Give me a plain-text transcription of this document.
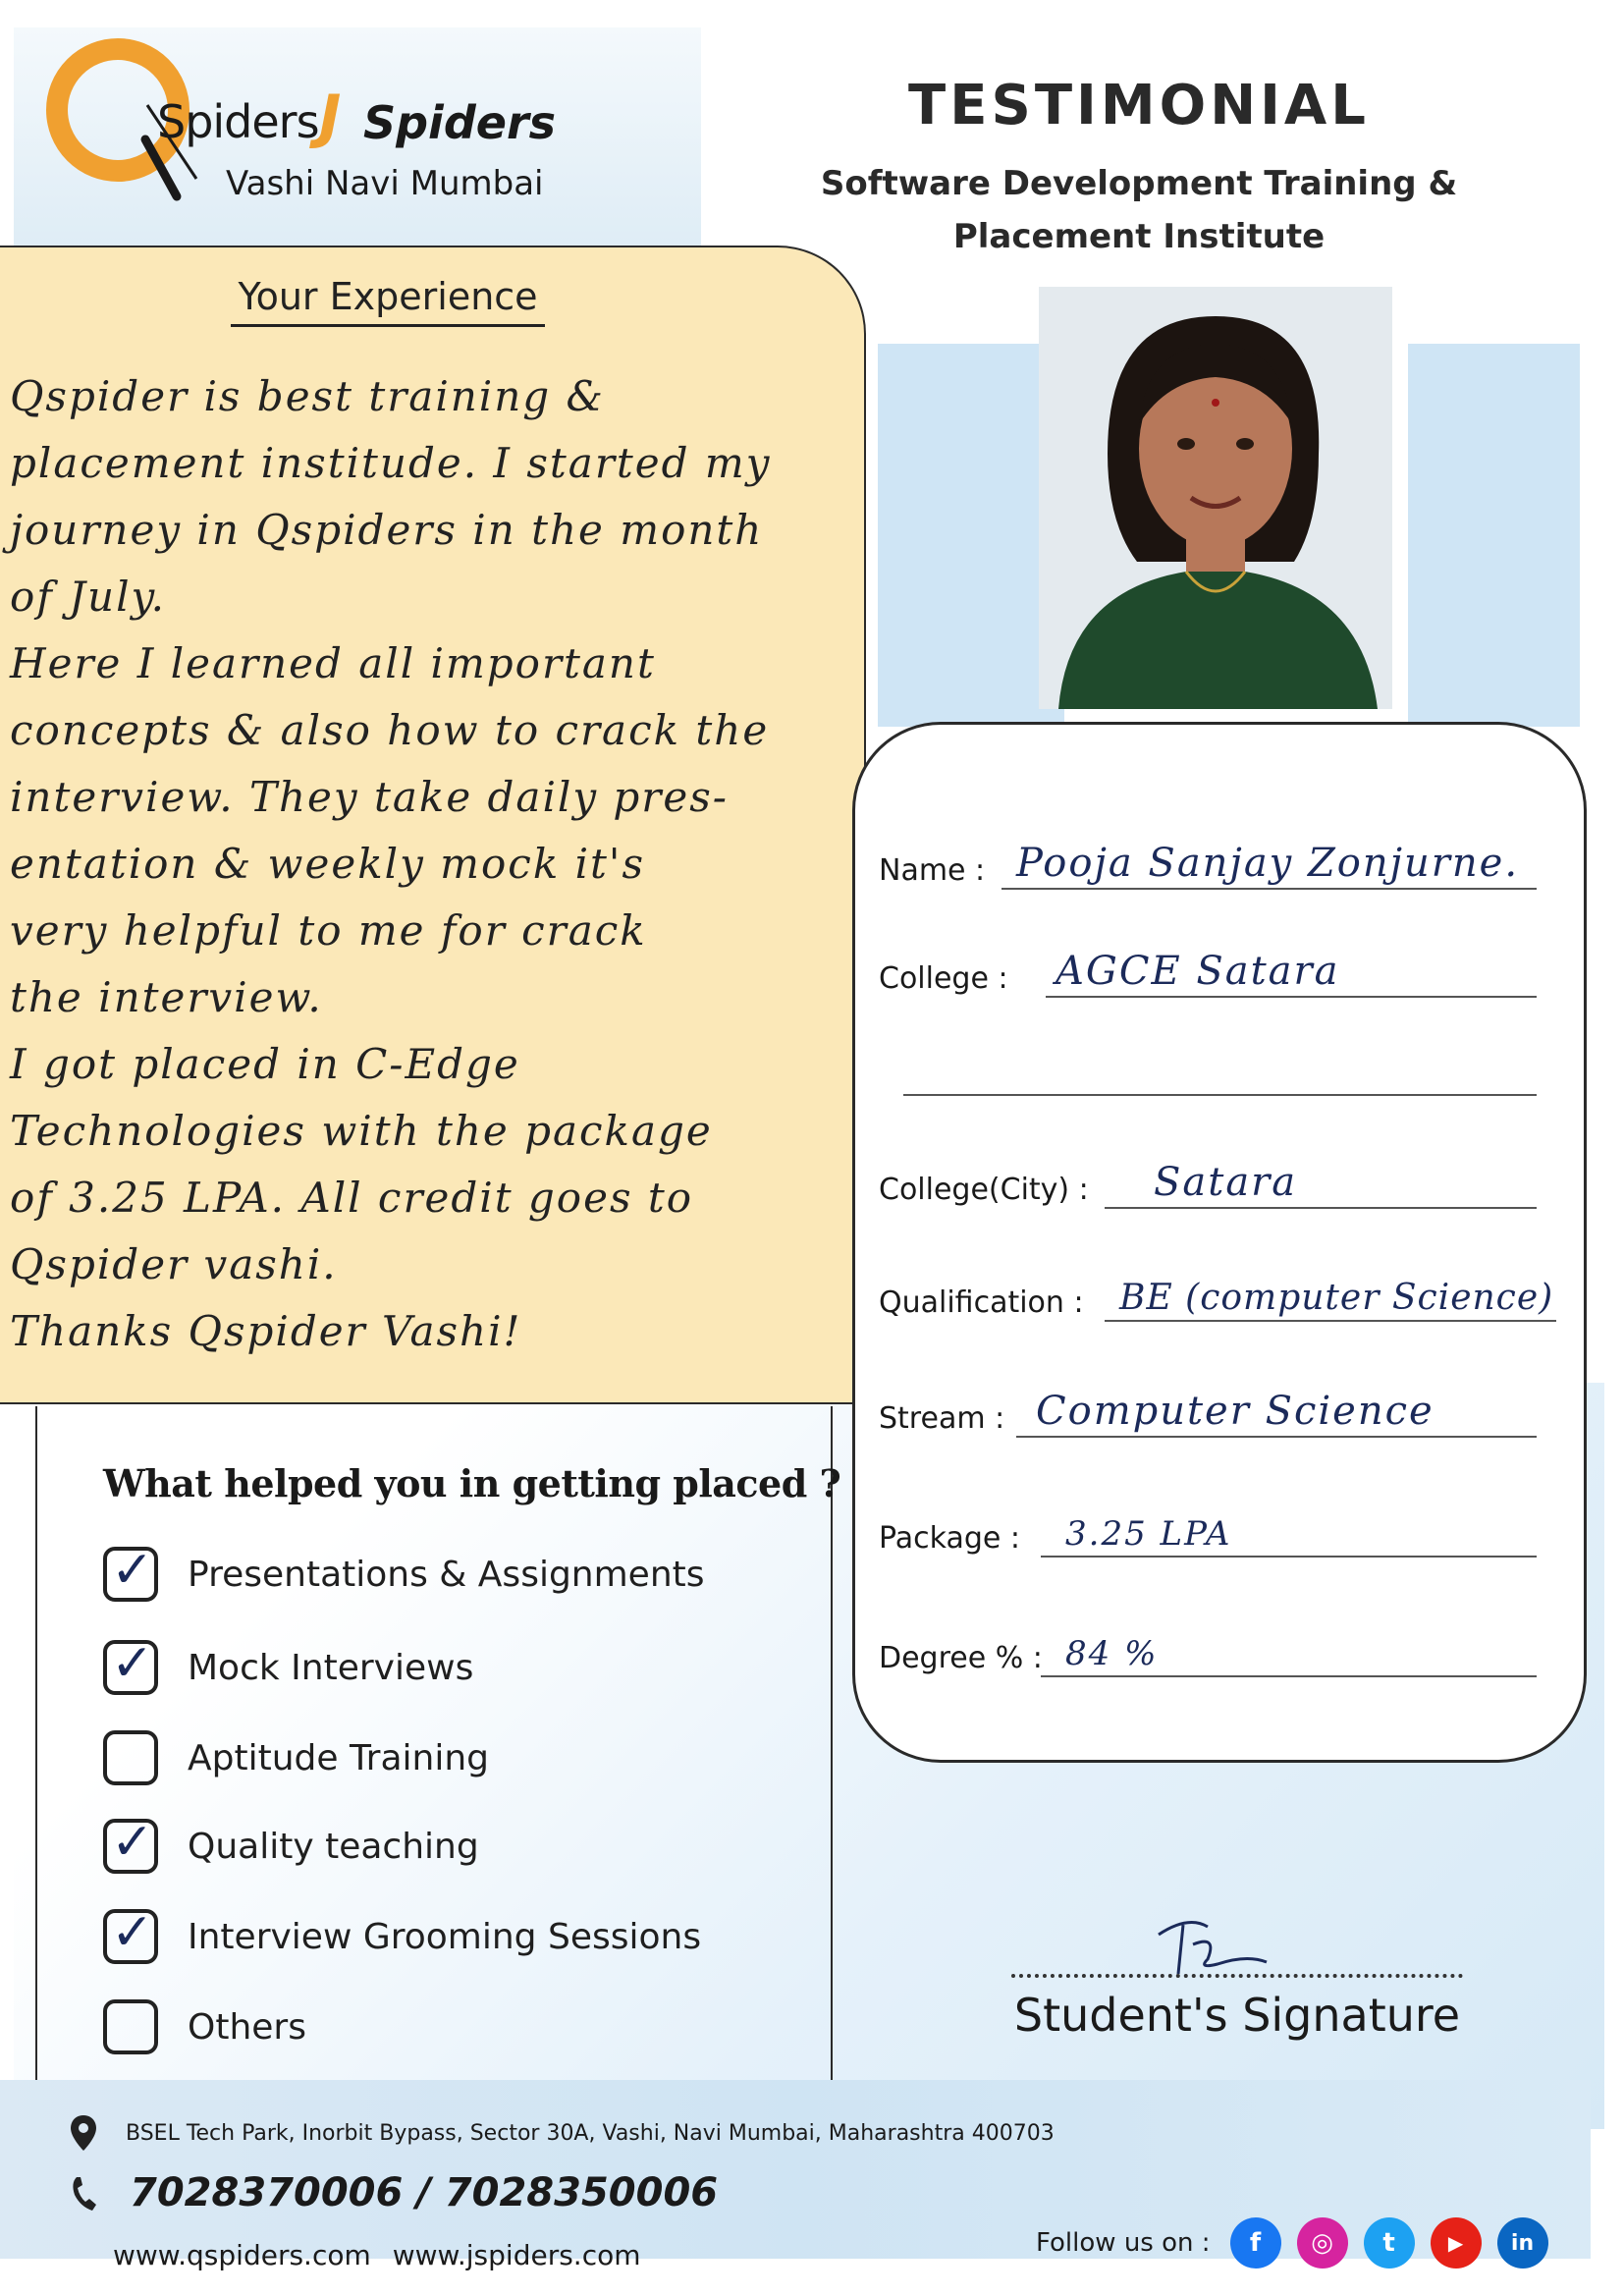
Spiders J Spiders
Vashi Navi Mumbai
TESTIMONIAL
Software Development Training & Placement Institute
Your Experience
Qspider is best training &
placement institude. I started my
journey in Qspiders in the month
of July.
Here I learned all important
concepts & also how to crack the
interview. They take daily pres-
entation & weekly mock it's
very helpful to me for crack
the interview.
I got placed in C-Edge
Technologies with the package
of 3.25 LPA. All credit goes to
Qspider vashi.
Thanks Qspider Vashi!
What helped you in getting placed ?
✓ Presentations & Assignments
✓ Mock Interviews
Aptitude Training
✓ Quality teaching
✓ Interview Grooming Sessions
Others
Name : Pooja Sanjay Zonjurne.
College : AGCE Satara
College(City) : Satara
Qualification : BE (computer Science)
Stream : Computer Science
Package : 3.25 LPA
Degree % : 84 %
Student's Signature
BSEL Tech Park, Inorbit Bypass, Sector 30A, Vashi, Navi Mumbai, Maharashtra 400703
7028370006 / 7028350006
www.qspiders.com www.jspiders.com	Follow us on :	f	◎	t	▶	in
